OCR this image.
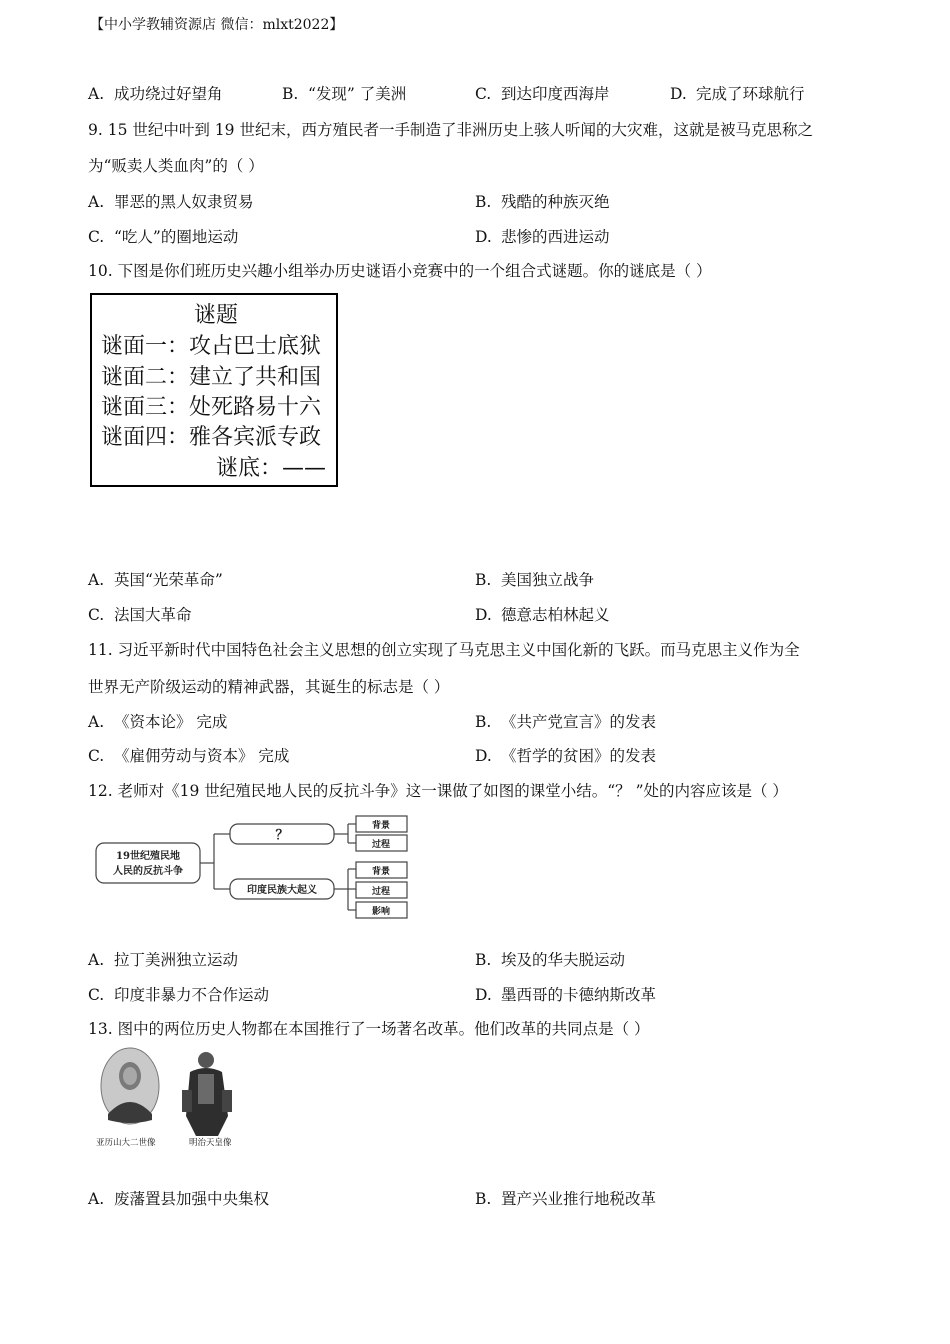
【中小学教辅资源店 微信：mlxt2022】
A. 成功绕过好望角	B. “发现” 了美洲	C. 到达印度西海岸	D. 完成了环球航行
9. 15 世纪中叶到 19 世纪末，西方殖民者一手制造了非洲历史上骇人听闻的大灾难，这就是被马克思称之
为“贩卖人类血肉”的（ ）
A. 罪恶的黑人奴隶贸易	B. 残酷的种族灭绝
C. “吃人”的圈地运动	D. 悲惨的西进运动
10. 下图是你们班历史兴趣小组举办历史谜语小竞赛中的一个组合式谜题。你的谜底是（ ）
谜题
谜面一：攻占巴士底狱
谜面二：建立了共和国
谜面三：处死路易十六
谜面四：雅各宾派专政
谜底：——
A. 英国“光荣革命”	B. 美国独立战争
C. 法国大革命	D. 德意志柏林起义
11. 习近平新时代中国特色社会主义思想的创立实现了马克思主义中国化新的飞跃。而马克思主义作为全
世界无产阶级运动的精神武器，其诞生的标志是（ ）
A. 《资本论》 完成	B. 《共产党宣言》的发表
C. 《雇佣劳动与资本》 完成	D. 《哲学的贫困》的发表
12. 老师对《19 世纪殖民地人民的反抗斗争》这一课做了如图的课堂小结。“？ ”处的内容应该是（ ）
19世纪殖民地
人民的反抗斗争
？
印度民族大起义
背景
过程
背景
过程
影响
A. 拉丁美洲独立运动	B. 埃及的华夫脱运动
C. 印度非暴力不合作运动	D. 墨西哥的卡德纳斯改革
13. 图中的两位历史人物都在本国推行了一场著名改革。他们改革的共同点是（ ）
亚历山大二世像	明治天皇像
A. 废藩置县加强中央集权	B. 置产兴业推行地税改革
